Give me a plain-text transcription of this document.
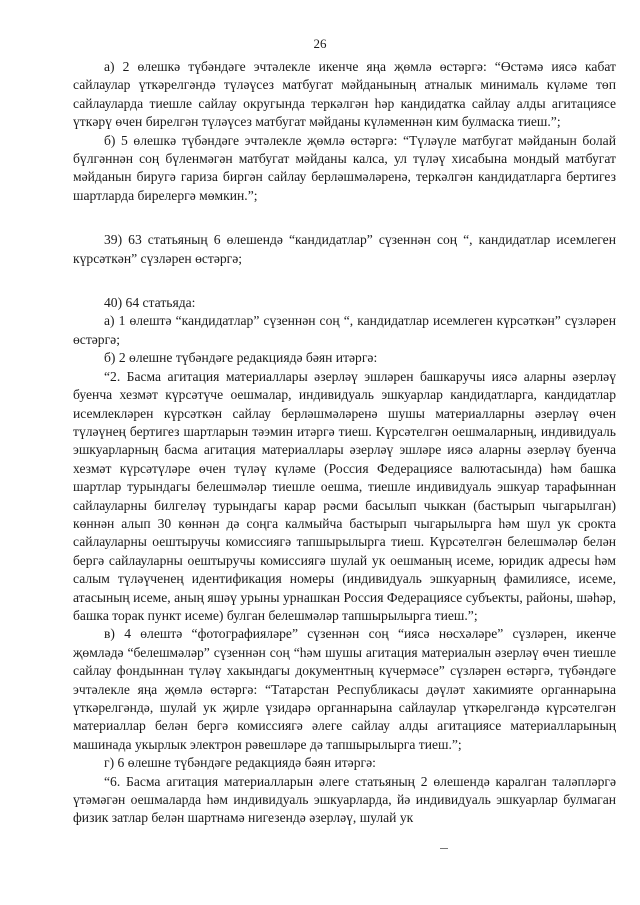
26

а) 2 өлешкә түбәндәге эчтәлекле икенче яңа җөмлә өстәргә: “Өстәмә иясә кабат сайлаулар үткәрелгәндә түләүсез матбугат мәйданының атналык минималь күләме төп сайлауларда тиешле сайлау округында теркәлгән һәр кандидатка сайлау алды агитациясе үткәрү өчен бирелгән түләүсез матбугат мәйданы күләменнән ким булмаска тиеш.”;

б) 5 өлешкә түбәндәге эчтәлекле җөмлә өстәргә: “Түләүле матбугат мәйданын болай бүлгәннән соң бүленмәгән матбугат мәйданы калса, ул түләү хисабына мондый матбугат мәйданын биругә гариза биргән сайлау берләшмәләренә, теркәлгән кандидатларга бертигез шартларда бирелергә мөмкин.”;

39) 63 статьяның 6 өлешендә “кандидатлар” сүзеннән соң “, кандидатлар исемлеген күрсәткән” сүзләрен өстәргә;

40) 64 статьяда:

а) 1 өлештә “кандидатлар” сүзеннән соң “, кандидатлар исемлеген күрсәткән” сүзләрен өстәргә;

б) 2 өлешне түбәндәге редакциядә бәян итәргә:

“2. Басма агитация материаллары әзерләү эшләрен башкаручы иясә аларны әзерләү буенча хезмәт күрсәтүче оешмалар, индивидуаль эшкуарлар кандидатларга, кандидатлар исемлекләрен күрсәткән сайлау берләшмәләренә шушы материалларны әзерләү өчен түләүнең бертигез шартларын тәэмин итәргә тиеш. Күрсәтелгән оешмаларның, индивидуаль эшкуарларның басма агитация материаллары әзерләү эшләре иясә аларны әзерләү буенча хезмәт күрсәтүләре өчен түләү күләме (Россия Федерациясе валютасында) һәм башка шартлар турындагы белешмәләр тиешле оешма, тиешле индивидуаль эшкуар тарафыннан сайлауларны билгеләү турындагы карар рәсми басылып чыккан (бастырып чыгарылган) көннән алып 30 көннән дә соңга калмыйча бастырып чыгарылырга һәм шул ук срокта сайлауларны оештыручы комиссиягә тапшырылырга тиеш. Күрсәтелгән белешмәләр белән бергә сайлауларны оештыручы комиссиягә шулай ук оешманың исеме, юридик адресы һәм салым түләүченең идентификация номеры (индивидуаль эшкуарның фамилиясе, исеме, атасының исеме, аның яшәү урыны урнашкан Россия Федерациясе субъекты, районы, шәһәр, башка торак пункт исеме) булган белешмәләр тапшырылырга тиеш.”;

в) 4 өлештә “фотографияләре” сүзеннән соң “иясә нөсхәләре” сүзләрен, икенче җөмләдә “белешмәләр” сүзеннән соң “һәм шушы агитация материалын әзерләү өчен тиешле сайлау фондыннан түләү хакындагы документның күчермәсе” сүзләрен өстәргә, түбәндәге эчтәлекле яңа җөмлә өстәргә: “Татарстан Республикасы дәүләт хакимияте органнарына үткәрелгәндә, шулай ук җирле үзидарә органнарына сайлаулар үткәрелгәндә күрсәтелгән материаллар белән бергә комиссиягә әлеге сайлау алды агитациясе материалларының машинада укырлык электрон рәвешләре дә тапшырылырга тиеш.”;

г) 6 өлешне түбәндәге редакциядә бәян итәргә:

“6. Басма агитация материалларын әлеге статьяның 2 өлешендә каралган таләпләргә үтәмәгән оешмаларда һәм индивидуаль эшкуарларда, йә индивидуаль эшкуарлар булмаган физик затлар белән шартнамә нигезендә әзерләү, шулай ук
